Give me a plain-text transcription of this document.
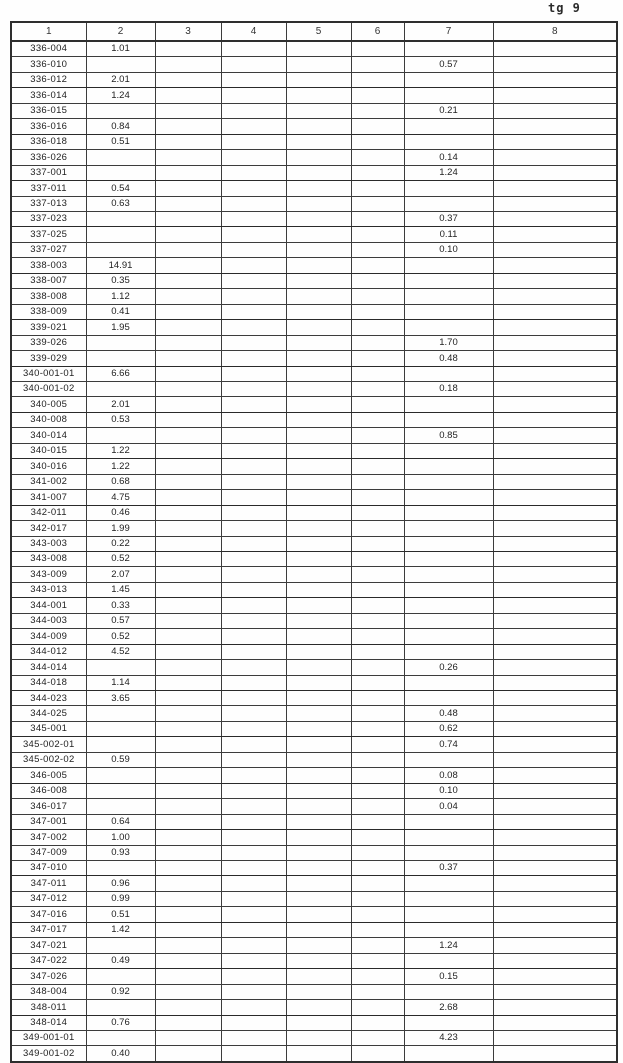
tg 9
1	2	3	4	5	6	7	8
336-004	1.01						
336-010						0.57	
336-012	2.01						
336-014	1.24						
336-015						0.21	
336-016	0.84						
336-018	0.51						
336-026						0.14	
337-001						1.24	
337-011	0.54						
337-013	0.63						
337-023						0.37	
337-025						0.11	
337-027						0.10	
338-003	14.91						
338-007	0.35						
338-008	1.12						
338-009	0.41						
339-021	1.95						
339-026						1.70	
339-029						0.48	
340-001-01	6.66						
340-001-02						0.18	
340-005	2.01						
340-008	0.53						
340-014						0.85	
340-015	1.22						
340-016	1.22						
341-002	0.68						
341-007	4.75						
342-011	0.46						
342-017	1.99						
343-003	0.22						
343-008	0.52						
343-009	2.07						
343-013	1.45						
344-001	0.33						
344-003	0.57						
344-009	0.52						
344-012	4.52						
344-014						0.26	
344-018	1.14						
344-023	3.65						
344-025						0.48	
345-001						0.62	
345-002-01						0.74	
345-002-02	0.59						
346-005						0.08	
346-008						0.10	
346-017						0.04	
347-001	0.64						
347-002	1.00						
347-009	0.93						
347-010						0.37	
347-011	0.96						
347-012	0.99						
347-016	0.51						
347-017	1.42						
347-021						1.24	
347-022	0.49						
347-026						0.15	
348-004	0.92						
348-011						2.68	
348-014	0.76						
349-001-01						4.23	
349-001-02	0.40						
